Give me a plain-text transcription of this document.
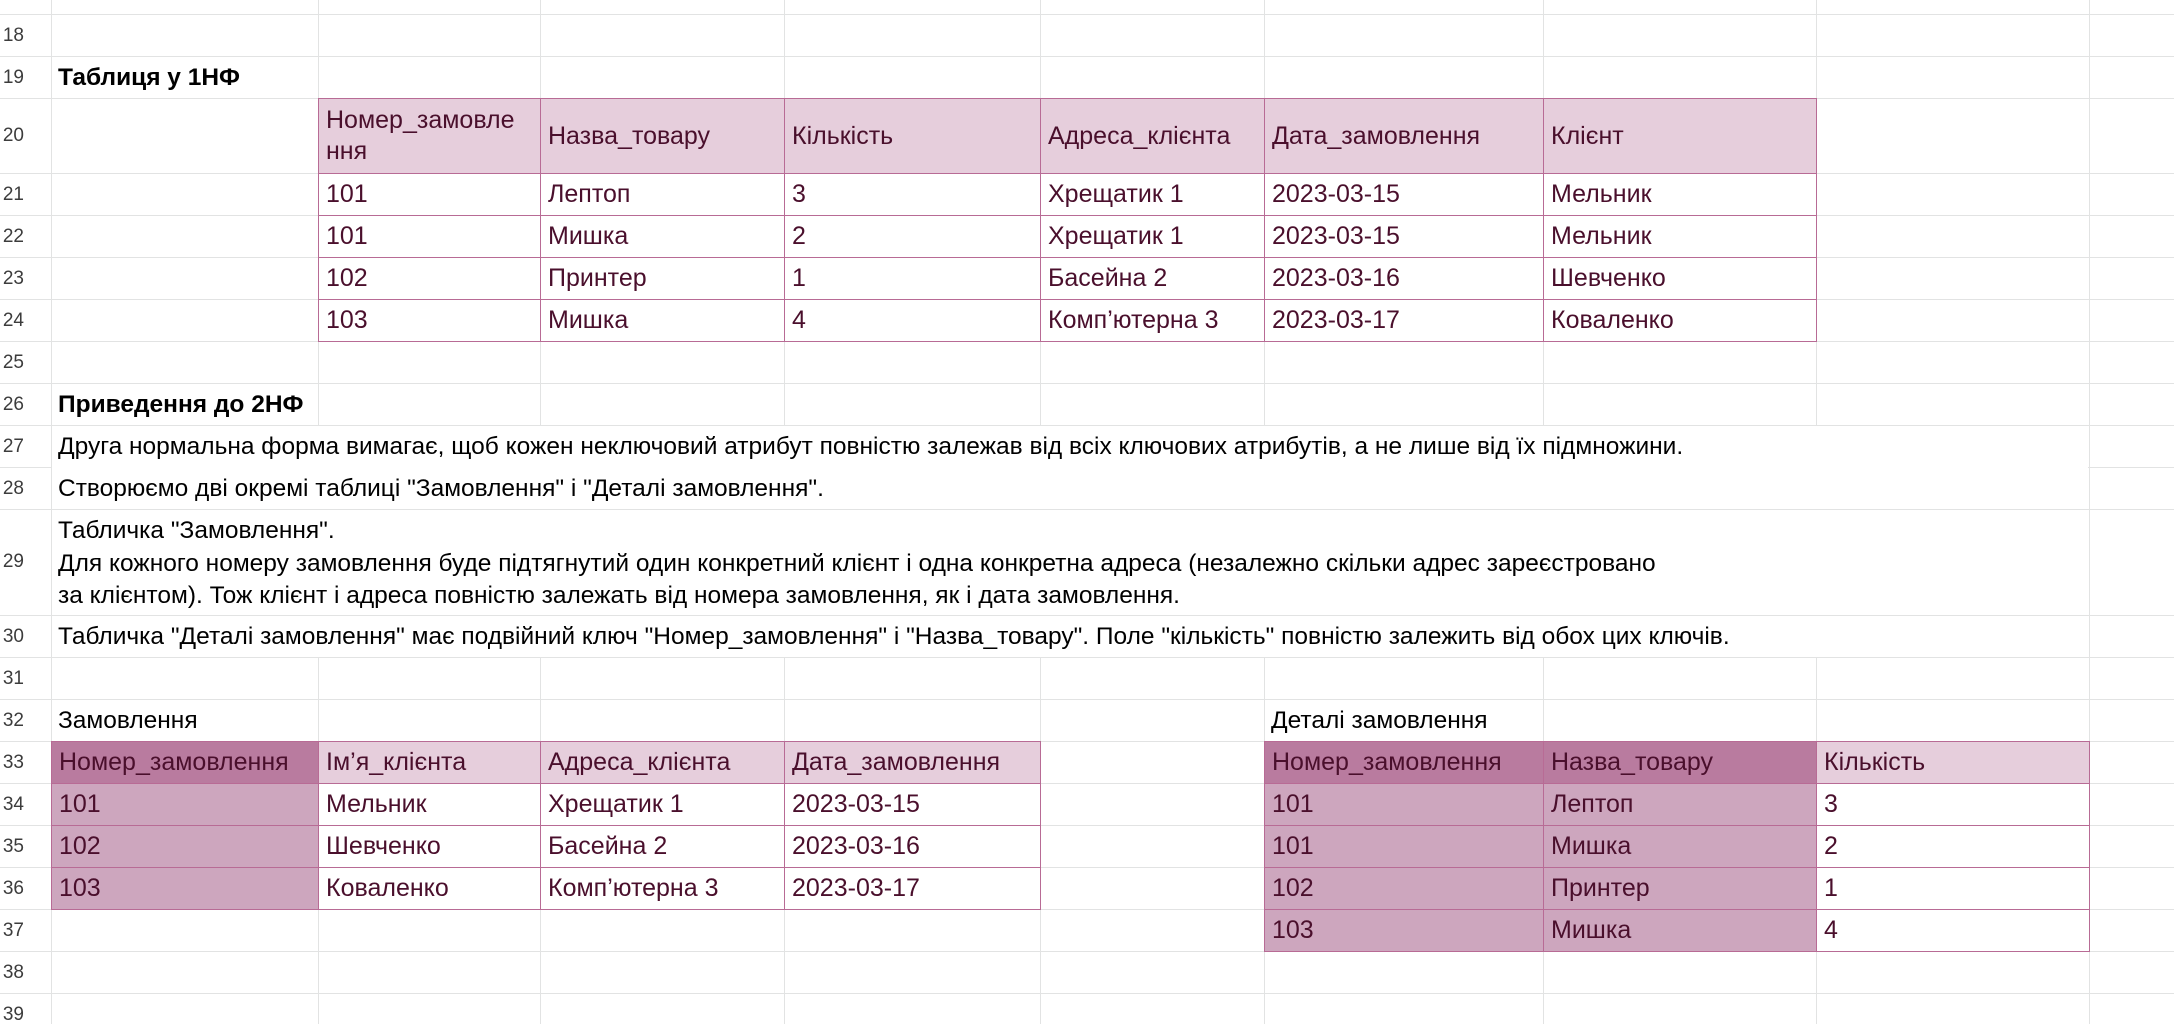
18
19
20
21
22
23
24
25
26
27
28
29
30
31
32
33
34
35
36
37
38
39
Таблиця у 1НФ
Приведення до 2НФ
Друга нормальна форма вимагає, щоб кожен неключовий атрибут повністю залежав від всіх ключових атрибутів, а не лише від їх підмножини.
Створюємо дві окремі таблиці "Замовлення" і "Деталі замовлення".
Табличка "Замовлення".
Для кожного номеру замовлення буде підтягнутий один конкретний клієнт і одна конкретна адреса (незалежно скільки адрес зареєстровано
за клієнтом). Тож клієнт і адреса повністю залежать від номера замовлення, як і дата замовлення.
Табличка "Деталі замовлення" має подвійний ключ "Номер_замовлення" і "Назва_товару". Поле "кількість" повністю залежить від обох цих ключів.
Замовлення	Деталі замовлення
Номер_замовле
ння
Назва_товару	Кількість	Адреса_клієнта	Дата_замовлення	Клієнт
101	Лептоп	3	Хрещатик 1	2023-03-15	Мельник
101	Мишка	2	Хрещатик 1	2023-03-15	Мельник
102	Принтер	1	Басейна 2	2023-03-16	Шевченко
103	Мишка	4	Комп’ютерна 3	2023-03-17	Коваленко
Номер_замовлення	Ім’я_клієнта	Адреса_клієнта	Дата_замовлення
101	Мельник	Хрещатик 1	2023-03-15
102	Шевченко	Басейна 2	2023-03-16
103	Коваленко	Комп’ютерна 3	2023-03-17
Номер_замовлення	Назва_товару	Кількість
101	Лептоп	3
101	Мишка	2
102	Принтер	1
103	Мишка	4
